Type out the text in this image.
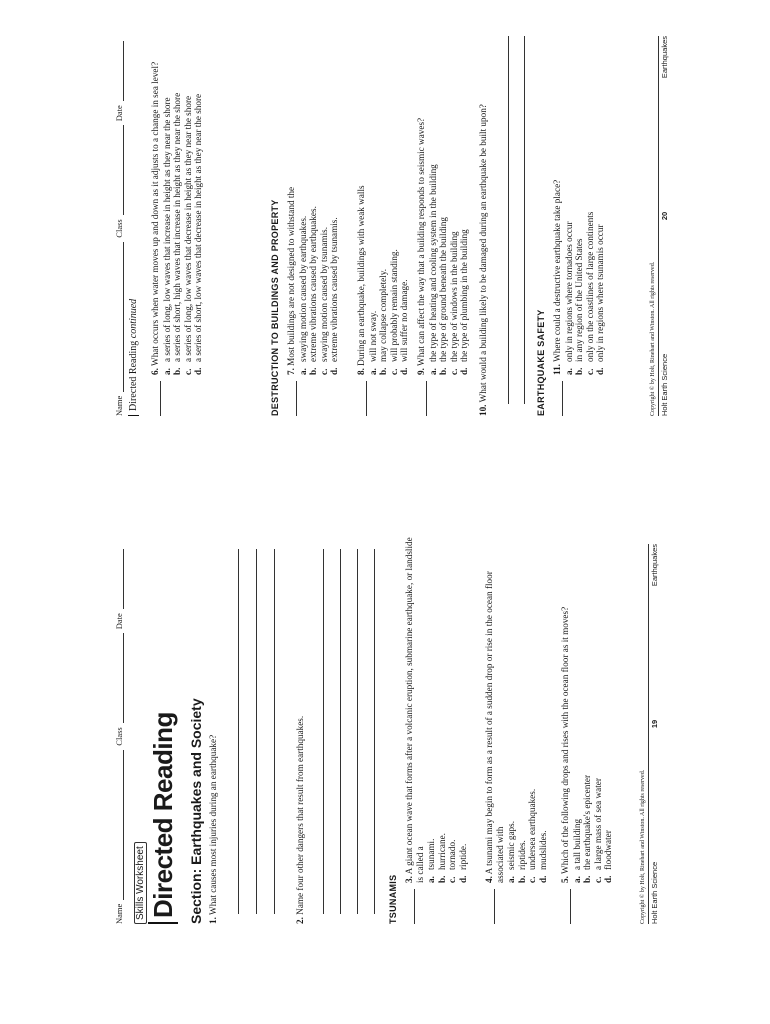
Name
Class
Date
Skills Worksheet Directed Reading Section: Earthquakes and Society 1. What causes most injuries during an earthquake?
2. Name four other dangers that result from earthquakes.	TSUNAMIS 3. A giant ocean wave that forms after a volcanic eruption, submarine earthquake, or landslide is called a a.
tsunami.
b.
hurricane.
c.
tornado.
d.
riptide.
4. A tsunami may begin to form as a result of a sudden drop or rise in the ocean floor associated with a.
seismic gaps.
b.
riptides.
c.
undersea earthquakes.
d.
mudslides.
5. Which of the following drops and rises with the ocean floor as it moves?
a.
a tall building
b.
the earthquake's epicenter
c.
a large mass of sea water
d.
floodwater	Copyright © by Holt, Rinehart and Winston. All rights reserved. Holt Earth Science
19
Earthquakes
Name
Class
Date
Directed Reading continued
6. What occurs when water moves up and down as it adjusts to a change in sea level?
a.
a series of long, low waves that increase in height as they near the shore
b.
a series of short, high waves that increase in height as they near the shore
c.
a series of long, low waves that decrease in height as they near the shore
d.
a series of short, low waves that decrease in height as they near the shore	DESTRUCTION TO BUILDINGS AND PROPERTY 7. Most buildings are not designed to withstand the
a.
swaying motion caused by earthquakes.
b.
extreme vibrations caused by earthquakes.
c.
swaying motion caused by tsunamis.
d.
extreme vibrations caused by tsunamis.
8. During an earthquake, buildings with weak walls
a.
will not sway.
b.
may collapse completely.
c.
will probably remain standing.
d.
will suffer no damage.
9. What can affect the way that a building responds to seismic waves?
a.
the type of heating and cooling system in the building
b.
the type of ground beneath the building
c.
the type of windows in the building
d.
the type of plumbing in the building
10. What would a building likely to be damaged during an earthquake be built upon?	EARTHQUAKE SAFETY 11. Where could a destructive earthquake take place?
a.
only in regions where tornadoes occur
b.
in any region of the United States
c.
only on the coastlines of large continents
d.
only in regions where tsunamis occur	Copyright © by Holt, Rinehart and Winston. All rights reserved. Holt Earth Science
20
Earthquakes
